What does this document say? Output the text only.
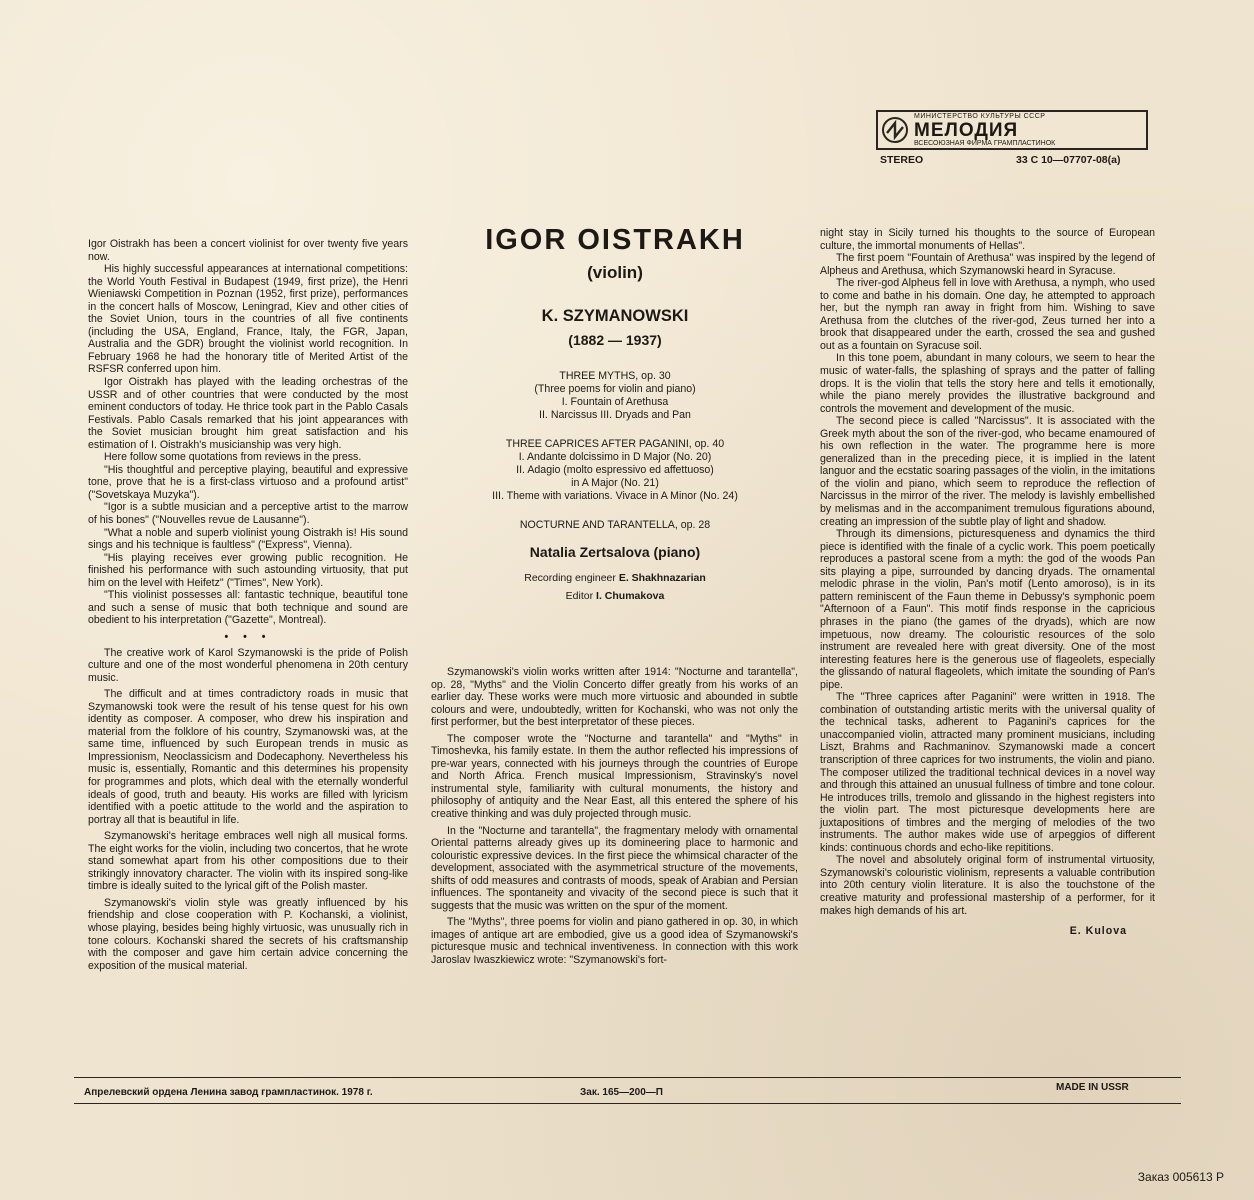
МИНИСТЕРСТВО КУЛЬТУРЫ СССР
МЕЛОДИЯ
ВСЕСОЮЗНАЯ ФИРМА ГРАМПЛАСТИНОК
STEREO	33 С 10—07707-08(а)

IGOR OISTRAKH

(violin)

K. SZYMANOWSKI

(1882 — 1937)

THREE MYTHS, op. 30

(Three poems for violin and piano)

I. Fountain of Arethusa

II. Narcissus III. Dryads and Pan

THREE CAPRICES AFTER PAGANINI, op. 40

I. Andante dolcissimo in D Major (No. 20)

II. Adagio (molto espressivo ed affettuoso)

in A Major (No. 21)

III. Theme with variations. Vivace in A Minor (No. 24)

NOCTURNE AND TARANTELLA, op. 28

Natalia Zertsalova (piano)

Recording engineer E. Shakhnazarian

Editor I. Chumakova

Igor Oistrakh has been a concert violinist for over twenty five years now.

His highly successful appearances at international competitions: the World Youth Festival in Budapest (1949, first prize), the Henri Wieniawski Competition in Poznan (1952, first prize), performances in the concert halls of Moscow, Leningrad, Kiev and other cities of the Soviet Union, tours in the countries of all five continents (including the USA, England, France, Italy, the FGR, Japan, Australia and the GDR) brought the violinist world recognition. In February 1968 he had the honorary title of Merited Artist of the RSFSR conferred upon him.

Igor Oistrakh has played with the leading orchestras of the USSR and of other countries that were conducted by the most eminent conductors of today. He thrice took part in the Pablo Casals Festivals. Pablo Casals remarked that his joint appearances with the Soviet musician brought him great satisfaction and his estimation of I. Oistrakh's musicianship was very high.

Here follow some quotations from reviews in the press.

"His thoughtful and perceptive playing, beautiful and expressive tone, prove that he is a first-class virtuoso and a profound artist" ("Sovetskaya Muzyka").

"Igor is a subtle musician and a perceptive artist to the marrow of his bones" ("Nouvelles revue de Lausanne").

"What a noble and superb violinist young Oistrakh is! His sound sings and his technique is faultless" ("Express", Vienna).

"His playing receives ever growing public recognition. He finished his performance with such astounding virtuosity, that put him on the level with Heifetz" ("Times", New York).

"This violinist possesses all: fantastic technique, beautiful tone and such a sense of music that both technique and sound are obedient to his interpretation ("Gazette", Montreal).

• • •

The creative work of Karol Szymanowski is the pride of Polish culture and one of the most wonderful phenomena in 20th century music.

The difficult and at times contradictory roads in music that Szymanowski took were the result of his tense quest for his own identity as composer. A composer, who drew his inspiration and material from the folklore of his country, Szymanowski was, at the same time, influenced by such European trends in music as Impressionism, Neoclassicism and Dodecaphony. Nevertheless his music is, essentially, Romantic and this determines his propensity for programmes and plots, which deal with the eternally wonderful ideals of good, truth and beauty. His works are filled with lyricism identified with a poetic attitude to the world and the aspiration to portray all that is beautiful in life.

Szymanowski's heritage embraces well nigh all musical forms. The eight works for the violin, including two concertos, that he wrote stand somewhat apart from his other compositions due to their strikingly innovatory character. The violin with its inspired song-like timbre is ideally suited to the lyrical gift of the Polish master.

Szymanowski's violin style was greatly influenced by his friendship and close cooperation with P. Kochanski, a violinist, whose playing, besides being highly virtuosic, was unusually rich in tone colours. Kochanski shared the secrets of his craftsmanship with the composer and gave him certain advice concerning the exposition of the musical material.

Szymanowski's violin works written after 1914: "Nocturne and tarantella", op. 28, "Myths" and the Violin Concerto differ greatly from his works of an earlier day. These works were much more virtuosic and abounded in subtle colours and were, undoubtedly, written for Kochanski, who was not only the first performer, but the best interpretator of these pieces.

The composer wrote the "Nocturne and tarantella" and "Myths" in Timoshevka, his family estate. In them the author reflected his impressions of pre-war years, connected with his journeys through the countries of Europe and North Africa. French musical Impressionism, Stravinsky's novel instrumental style, familiarity with cultural monuments, the history and philosophy of antiquity and the Near East, all this entered the sphere of his creative thinking and was duly projected through music.

In the "Nocturne and tarantella", the fragmentary melody with ornamental Oriental patterns already gives up its domineering place to harmonic and colouristic expressive devices. In the first piece the whimsical character of the development, associated with the asymmetrical structure of the movements, shifts of odd measures and contrasts of moods, speak of Arabian and Persian influences. The spontaneity and vivacity of the second piece is such that it suggests that the music was written on the spur of the moment.

The "Myths", three poems for violin and piano gathered in op. 30, in which images of antique art are embodied, give us a good idea of Szymanowski's picturesque music and technical inventiveness. In connection with this work Jaroslav Iwaszkiewicz wrote: "Szymanowski's fort-

night stay in Sicily turned his thoughts to the source of European culture, the immortal monuments of Hellas".

The first poem "Fountain of Arethusa" was inspired by the legend of Alpheus and Arethusa, which Szymanowski heard in Syracuse.

The river-god Alpheus fell in love with Arethusa, a nymph, who used to come and bathe in his domain. One day, he attempted to approach her, but the nymph ran away in fright from him. Wishing to save Arethusa from the clutches of the river-god, Zeus turned her into a brook that disappeared under the earth, crossed the sea and gushed out as a fountain on Syracuse soil.

In this tone poem, abundant in many colours, we seem to hear the music of water-falls, the splashing of sprays and the patter of falling drops. It is the violin that tells the story here and tells it emotionally, while the piano merely provides the illustrative background and controls the movement and development of the music.

The second piece is called "Narcissus". It is associated with the Greek myth about the son of the river-god, who became enamoured of his own reflection in the water. The programme here is more generalized than in the preceding piece, it is implied in the latent languor and the ecstatic soaring passages of the violin, in the imitations of the violin and piano, which seem to reproduce the reflection of Narcissus in the mirror of the river. The melody is lavishly embellished by melismas and in the accompaniment tremulous figurations abound, creating an impression of the subtle play of light and shadow.

Through its dimensions, picturesqueness and dynamics the third piece is identified with the finale of a cyclic work. This poem poetically reproduces a pastoral scene from a myth: the god of the woods Pan sits playing a pipe, surrounded by dancing dryads. The ornamental melodic phrase in the violin, Pan's motif (Lento amoroso), is in its pattern reminiscent of the Faun theme in Debussy's symphonic poem "Afternoon of a Faun". This motif finds response in the capricious phrases in the piano (the games of the dryads), which are now impetuous, now dreamy. The colouristic resources of the solo instrument are revealed here with great diversity. One of the most interesting features here is the generous use of flageolets, especially the glissando of natural flageolets, which imitate the sounding of Pan's pipe.

The "Three caprices after Paganini" were written in 1918. The combination of outstanding artistic merits with the universal quality of the technical tasks, adherent to Paganini's caprices for the unaccompanied violin, attracted many prominent musicians, including Liszt, Brahms and Rachmaninov. Szymanowski made a concert transcription of three caprices for two instruments, the violin and piano. The composer utilized the traditional technical devices in a novel way and through this attained an unusual fullness of timbre and tone colour. He introduces trills, tremolo and glissando in the highest registers into the violin part. The most picturesque developments here are juxtapositions of timbres and the merging of melodies of the two instruments. The author makes wide use of arpeggios of different kinds: continuous chords and echo-like repititions.

The novel and absolutely original form of instrumental virtuosity, Szymanowski's colouristic violinism, represents a valuable contribution into 20th century violin literature. It is also the touchstone of the creative maturity and professional mastership of a performer, for it makes high demands of his art.

E. Kulova

Апрелевский ордена Ленина завод грампластинок. 1978 г.	Зак. 165—200—П	MADE IN USSR
Заказ 005613 Р
